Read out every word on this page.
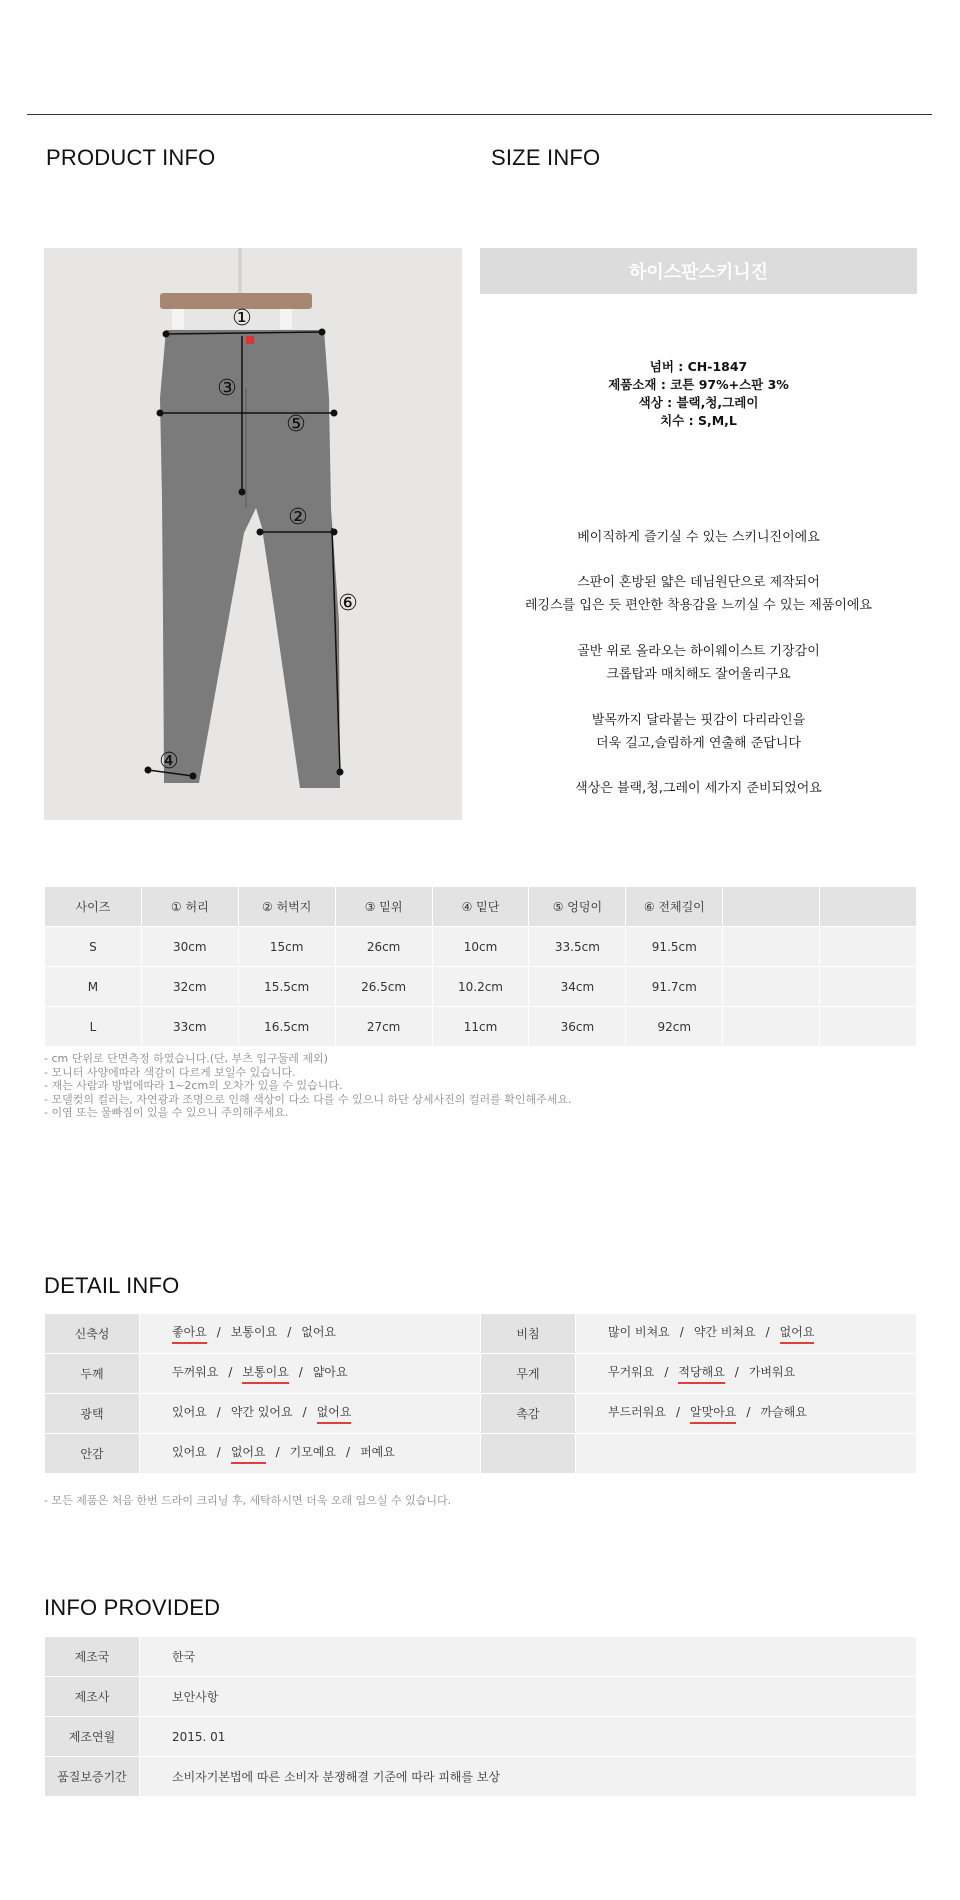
PRODUCT INFO	SIZE INFO
①
②
③
④
⑤
⑥
하이스판스키니진
넘버 : CH-1847
제품소재 : 코튼 97%+스판 3%
색상 : 블랙,청,그레이
치수 : S,M,L
베이직하게 즐기실 수 있는 스키니진이에요
스판이 혼방된 얇은 데님원단으로 제작되어
레깅스를 입은 듯 편안한 착용감을 느끼실 수 있는 제품이에요
골반 위로 올라오는 하이웨이스트 기장감이
크롭탑과 매치해도 잘어울리구요
발목까지 달라붙는 핏감이 다리라인을
더욱 길고,슬림하게 연출해 준답니다
색상은 블랙,청,그레이 세가지 준비되었어요
사이즈	① 허리	② 허벅지	③ 밑위	④ 밑단	⑤ 엉덩이	⑥ 전체길이		
S	30cm	15cm	26cm	10cm	33.5cm	91.5cm		
M	32cm	15.5cm	26.5cm	10.2cm	34cm	91.7cm		
L	33cm	16.5cm	27cm	11cm	36cm	92cm		
- cm 단위로 단면측정 하였습니다.(단, 부츠 입구둘레 제외)
- 모니터 사양에따라 색감이 다르게 보일수 있습니다.
- 재는 사람과 방법에따라 1~2cm의 오차가 있을 수 있습니다.
- 모델컷의 컬러는, 자연광과 조명으로 인해 색상이 다소 다를 수 있으니 하단 상세사진의 컬러를 확인해주세요.
- 이염 또는 물빠짐이 있을 수 있으니 주의해주세요.
DETAIL INFO
신축성	좋아요 / 보통이요 / 없어요	비침	많이 비쳐요 / 약간 비쳐요 / 없어요
두께	두꺼워요 / 보통이요 / 얇아요	무게	무거워요 / 적당해요 / 가벼워요
광택	있어요 / 약간 있어요 / 없어요	촉감	부드러워요 / 알맞아요 / 까슬해요
안감	있어요 / 없어요 / 기모예요 / 퍼예요		
- 모든 제품은 처음 한번 드라이 크리닝 후, 세탁하시면 더욱 오래 입으실 수 있습니다.
INFO PROVIDED
제조국	한국
제조사	보안사항
제조연월	2015. 01
품질보증기간	소비자기본법에 따른 소비자 분쟁해결 기준에 따라 피해를 보상
